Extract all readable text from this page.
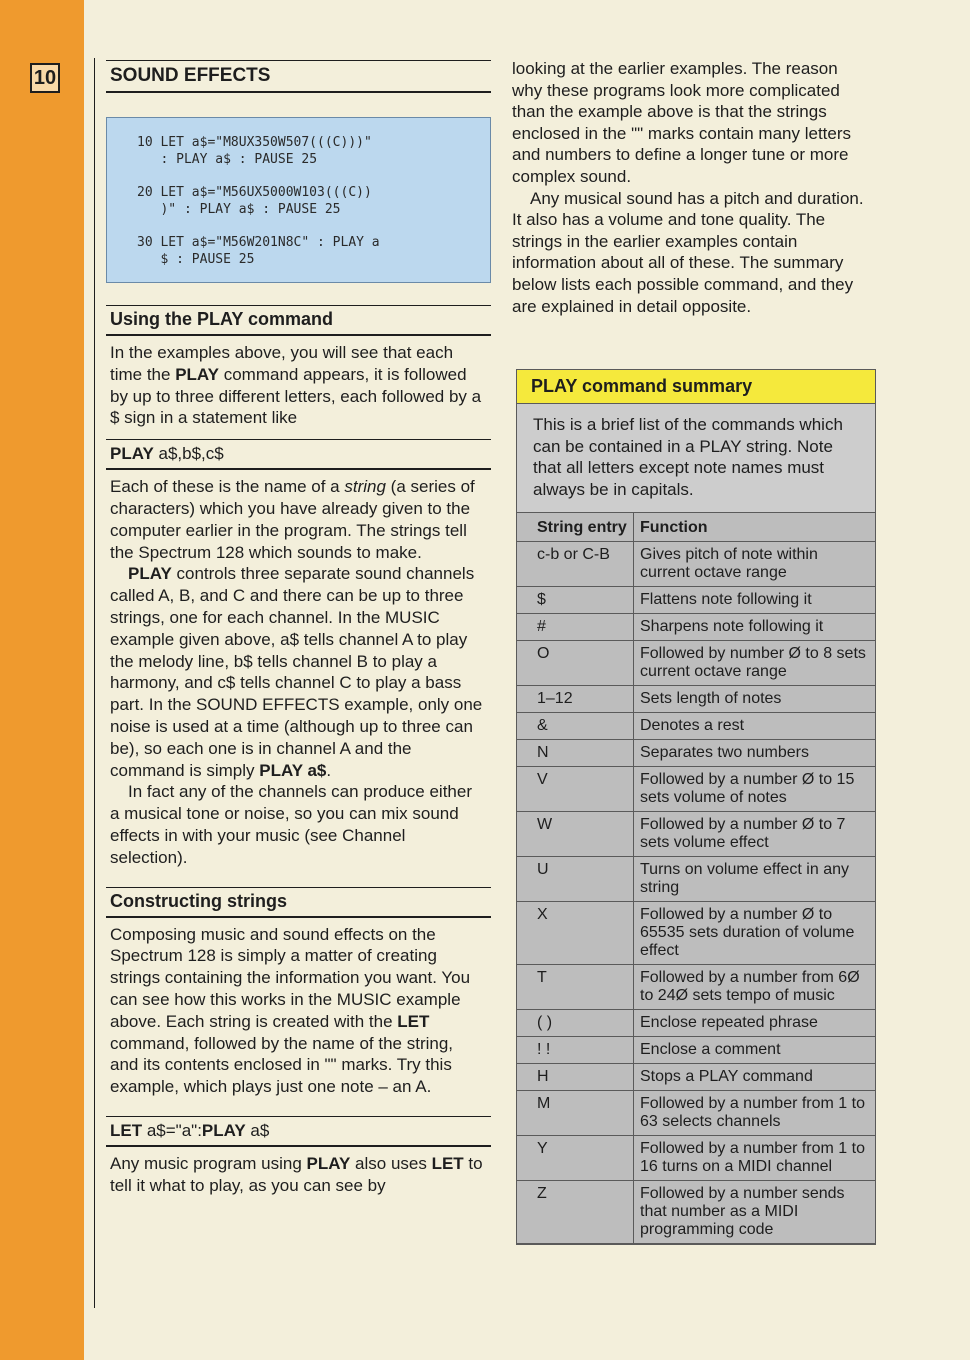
10	SOUND EFFECTS
10 LET a$="M8UX350W507(((C)))"
: PLAY a$ : PAUSE 25
20 LET a$="M56UX5000W103(((C))
)" : PLAY a$ : PAUSE 25
30 LET a$="M56W201N8C" : PLAY a
$ : PAUSE 25
Using the PLAY command

In the examples above, you will see that each time the PLAY command appears, it is followed by up to three different letters, each followed by a $ sign in a statement like

PLAY a$,b$,c$

Each of these is the name of a string (a series of characters) which you have already given to the computer earlier in the program. The strings tell the Spectrum 128 which sounds to make.

PLAY controls three separate sound channels called A, B, and C and there can be up to three strings, one for each channel. In the MUSIC example given above, a$ tells channel A to play the melody line, b$ tells channel B to play a harmony, and c$ tells channel C to play a bass part. In the SOUND EFFECTS example, only one noise is used at a time (although up to three can be), so each one is in channel A and the command is simply PLAY a$.

In fact any of the channels can produce either a musical tone or noise, so you can mix sound effects in with your music (see Channel selection).

Constructing strings

Composing music and sound effects on the Spectrum 128 is simply a matter of creating strings containing the information you want. You can see how this works in the MUSIC example above. Each string is created with the LET command, followed by the name of the string, and its contents enclosed in "" marks. Try this example, which plays just one note – an A.

LET a$="a":PLAY a$

Any music program using PLAY also uses LET to tell it what to play, as you can see by

looking at the earlier examples. The reason why these programs look more complicated than the example above is that the strings enclosed in the "" marks contain many letters and numbers to define a longer tune or more complex sound.

Any musical sound has a pitch and duration. It also has a volume and tone quality. The strings in the earlier examples contain information about all of these. The summary below lists each possible command, and they are explained in detail opposite.

PLAY command summary
This is a brief list of the commands which can be contained in a PLAY string. Note that all letters except note names must always be in capitals.
String entry	Function
c-b or C-B	Gives pitch of note within current octave range
$	Flattens note following it
#	Sharpens note following it
O	Followed by number Ø to 8 sets current octave range
1–12	Sets length of notes
&	Denotes a rest
N	Separates two numbers
V	Followed by a number Ø to 15 sets volume of notes
W	Followed by a number Ø to 7 sets volume effect
U	Turns on volume effect in any string
X	Followed by a number Ø to 65535 sets duration of volume effect
T	Followed by a number from 6Ø to 24Ø sets tempo of music
( )	Enclose repeated phrase
! !	Enclose a comment
H	Stops a PLAY command
M	Followed by a number from 1 to 63 selects channels
Y	Followed by a number from 1 to 16 turns on a MIDI channel
Z	Followed by a number sends that number as a MIDI programming code
